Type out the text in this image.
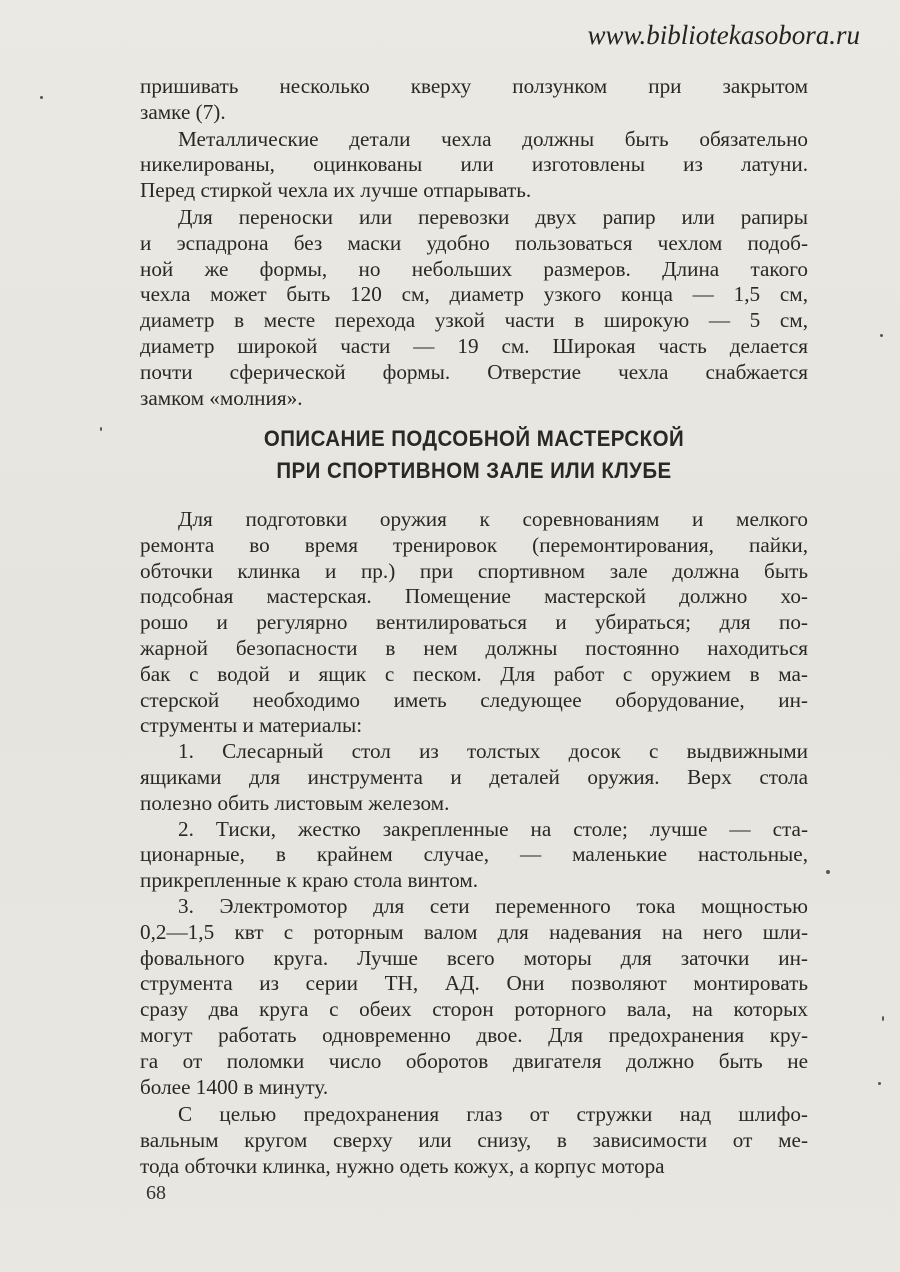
www.bibliotekasobora.ru
пришивать несколько кверху ползунком при закрытом
замке (7).
Металлические детали чехла должны быть обязательно
никелированы, оцинкованы или изготовлены из латуни.
Перед стиркой чехла их лучше отпарывать.
Для переноски или перевозки двух рапир или рапиры
и эспадрона без маски удобно пользоваться чехлом подоб-
ной же формы, но небольших размеров. Длина такого
чехла может быть 120 см, диаметр узкого конца — 1,5 см,
диаметр в месте перехода узкой части в широкую — 5 см,
диаметр широкой части — 19 см. Широкая часть делается
почти сферической формы. Отверстие чехла снабжается
замком «молния».
ОПИСАНИЕ ПОДСОБНОЙ МАСТЕРСКОЙ
ПРИ СПОРТИВНОМ ЗАЛЕ ИЛИ КЛУБЕ
Для подготовки оружия к соревнованиям и мелкого
ремонта во время тренировок (перемонтирования, пайки,
обточки клинка и пр.) при спортивном зале должна быть
подсобная мастерская. Помещение мастерской должно хо-
рошо и регулярно вентилироваться и убираться; для по-
жарной безопасности в нем должны постоянно находиться
бак с водой и ящик с песком. Для работ с оружием в ма-
стерской необходимо иметь следующее оборудование, ин-
струменты и материалы:
1. Слесарный стол из толстых досок с выдвижными
ящиками для инструмента и деталей оружия. Верх стола
полезно обить листовым железом.
2. Тиски, жестко закрепленные на столе; лучше — ста-
ционарные, в крайнем случае, — маленькие настольные,
прикрепленные к краю стола винтом.
3. Электромотор для сети переменного тока мощностью
0,2—1,5 квт с роторным валом для надевания на него шли-
фовального круга. Лучше всего моторы для заточки ин-
струмента из серии ТН, АД. Они позволяют монтировать
сразу два круга с обеих сторон роторного вала, на которых
могут работать одновременно двое. Для предохранения кру-
га от поломки число оборотов двигателя должно быть не
более 1400 в минуту.
С целью предохранения глаз от стружки над шлифо-
вальным кругом сверху или снизу, в зависимости от ме-
тода обточки клинка, нужно одеть кожух, а корпус мотора
68
